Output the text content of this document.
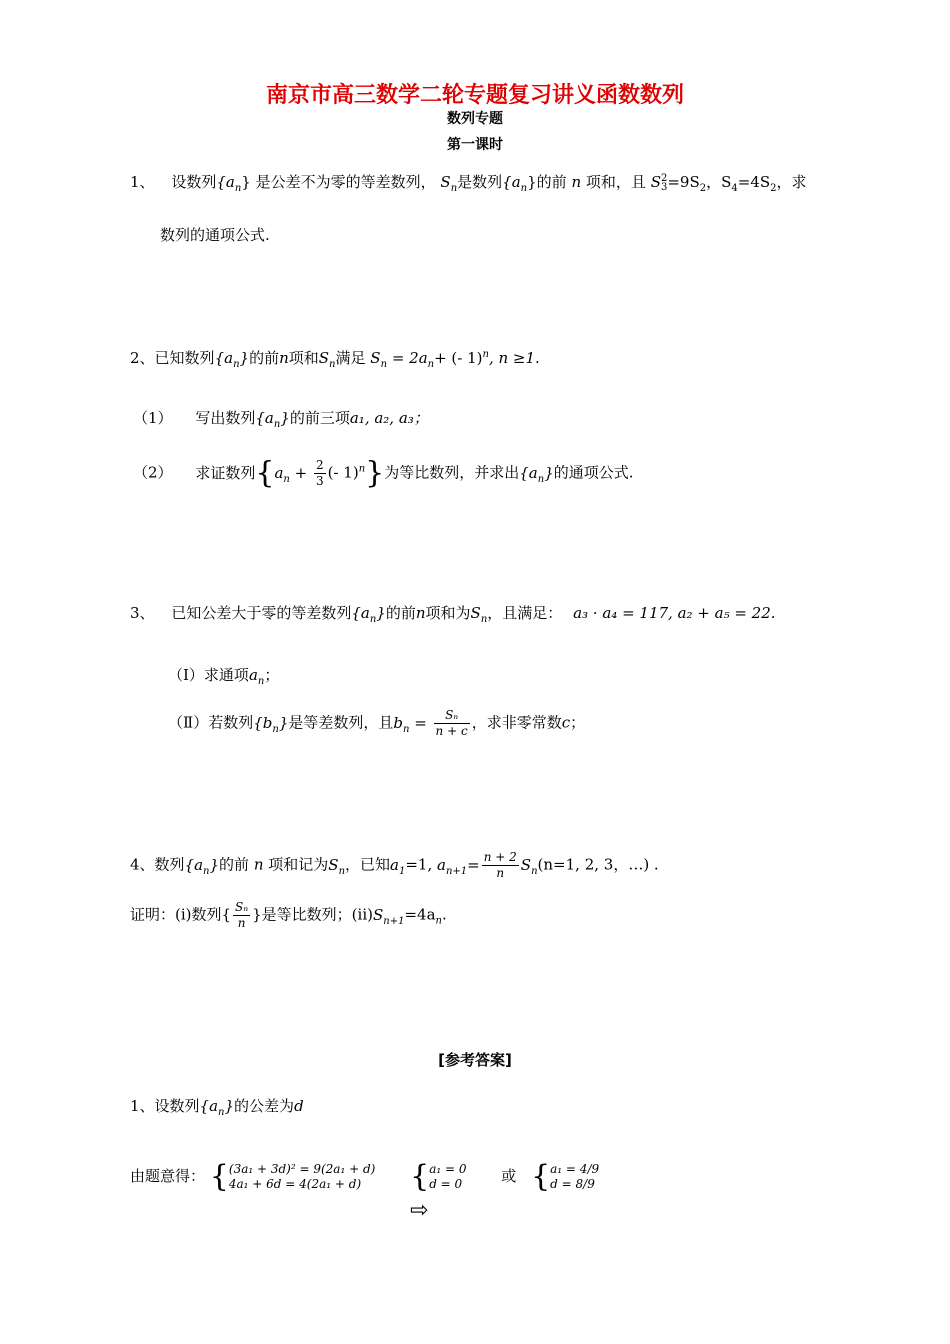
南京市高三数学二轮专题复习讲义函数数列
数列专题
第一课时
1、 设数列$\{a_n\}$ 是公差不为零的等差数列， $S_n$是数列$\{a_n\}$的前 n 项和，且 S 2
$3 =9S_2$，$S_4=4S_2$，求
数列的通项公式.
2、已知数列$\{a_n\}$的前n项和$S_n$满足 $S_n = 2a_n+$ (- 1)$^n$, n ≥1.
（1） 写出数列$\{a_n\}$的前三项a₁, a₂, a₃；
（2） 求证数列{$a_n + \frac{2}{3}$ (- 1)$^n$}为等比数列，并求出$\{a_n\}$的通项公式.
3、 已知公差大于零的等差数列$\{a_n\}$的前n项和为$S_n$，且满足： a₃ · a₄ = 117, a₂ + a₅ = 22.
（Ⅰ）求通项$a_n$；
（Ⅱ）若数列$\{b_n\}$是等差数列，且$b_n = \frac{\text{Sₙ}}{n + c}$ ，求非零常数c；
4、数列$\{a_n\}$的前 n 项和记为$S_n$，已知$a_1=1$, $a_{n+1}= \frac{n + 2}{n} S_n(n=1$, 2, 3，…) .
证明：(i)数列{ $\frac{\text{Sₙ}}{n}$ }是等比数列；$(ii)S_{n+1}=4a_n$.
[参考答案]
1、设数列$\{a_n\}$的公差为d
由题意得： { (3a₁ + 3d)² = 9(2a₁ + d)
4a₁ + 6d = 4(2a₁ + d)	{ a₁ = 0
d = 0	或 { a₁ = 4/9
d = 8/9
⇨
